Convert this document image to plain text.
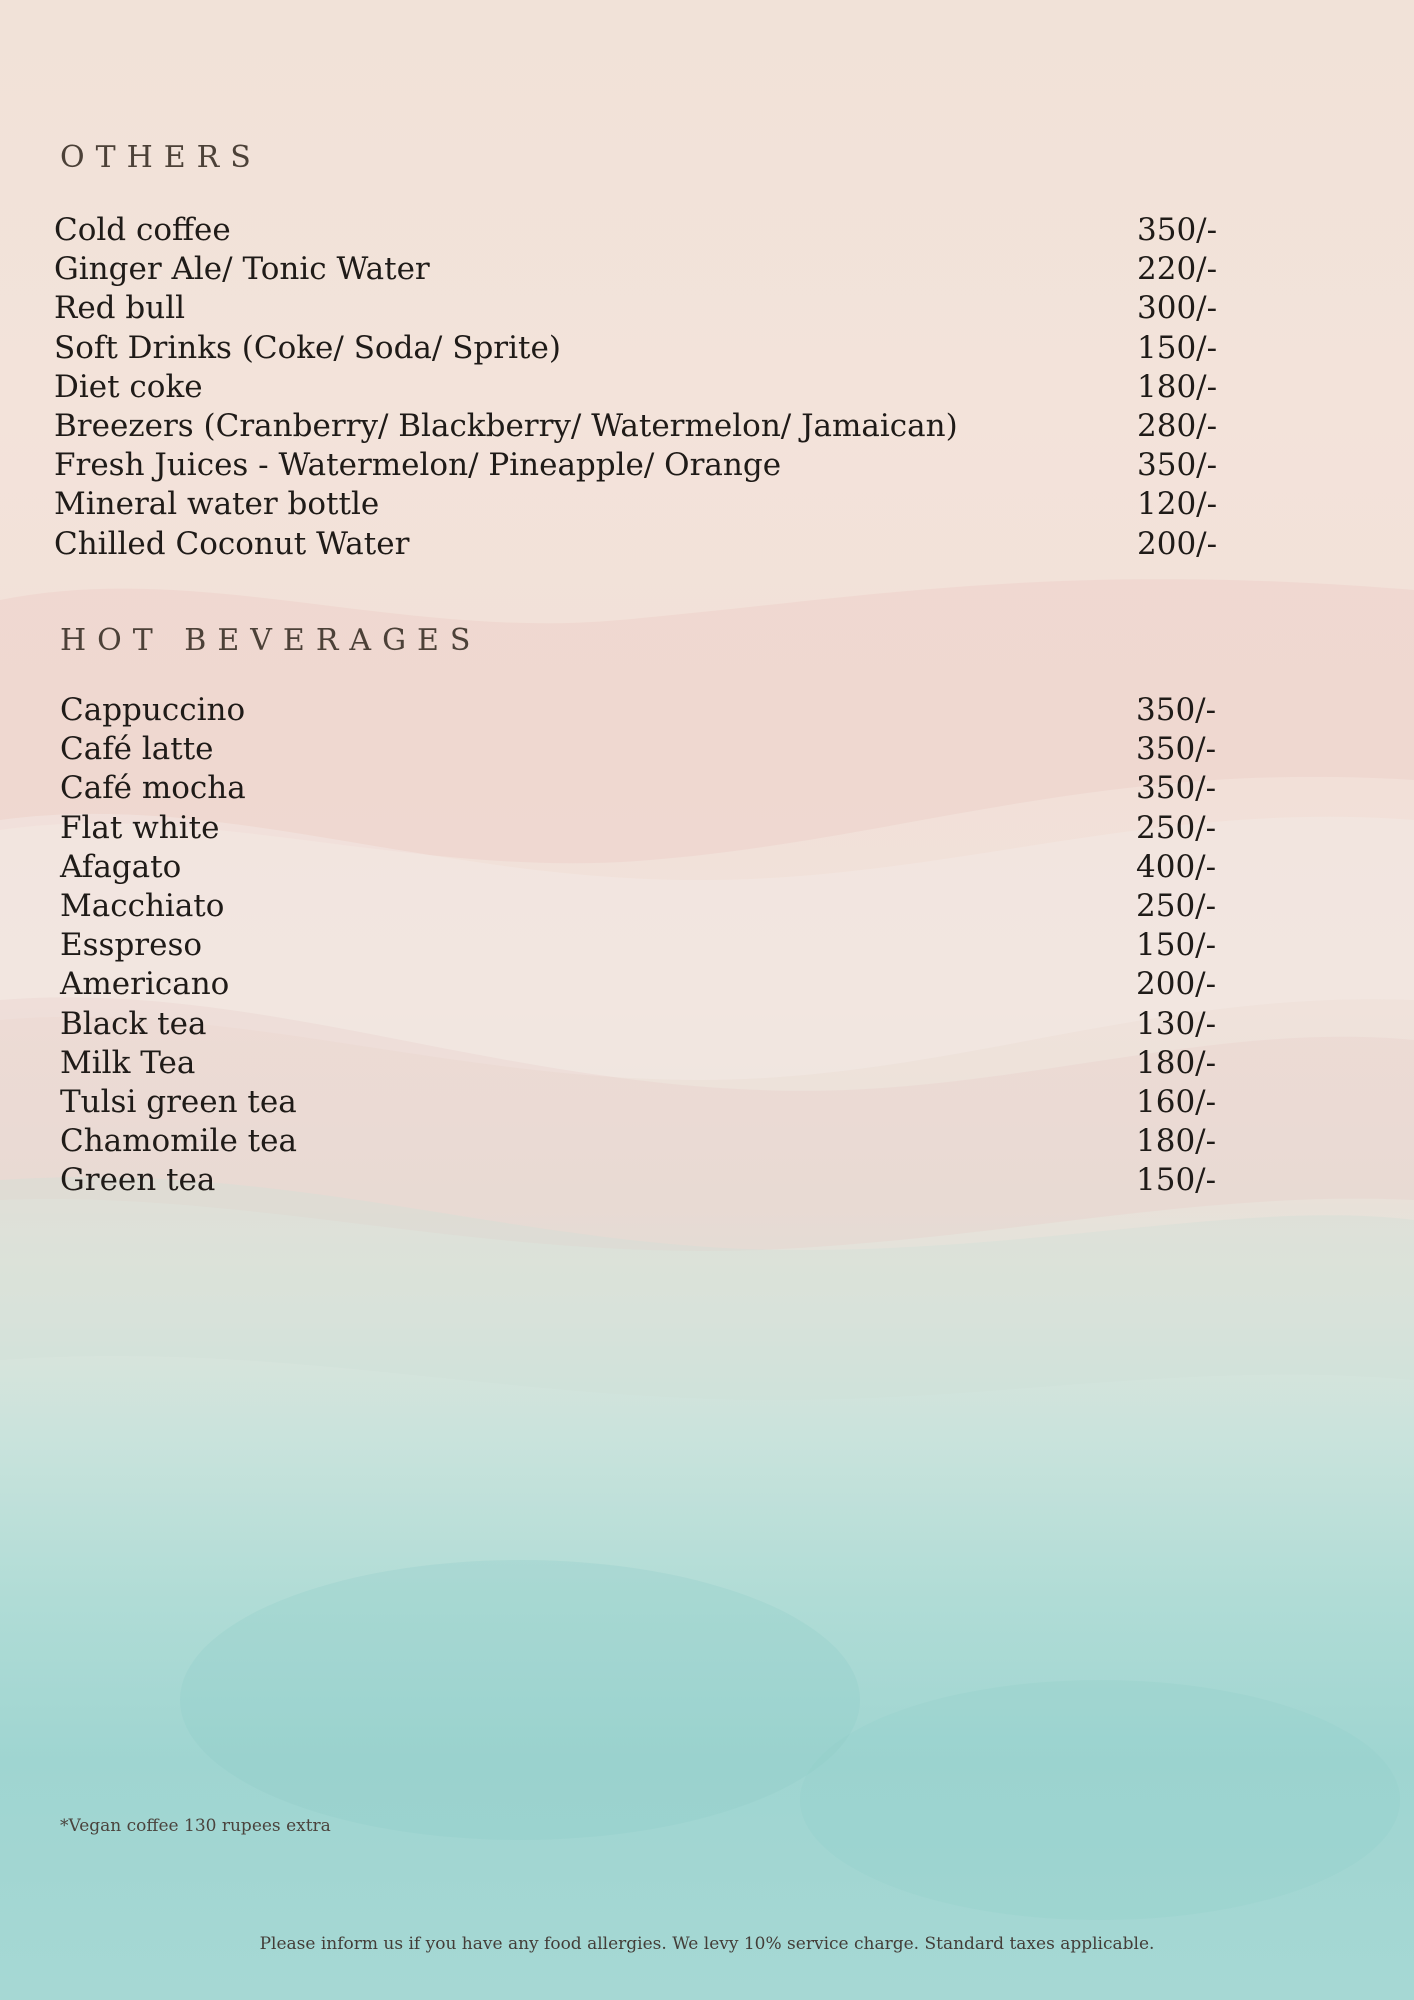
OTHERS
Cold coffee	350/-
Ginger Ale/ Tonic Water	220/-
Red bull	300/-
Soft Drinks (Coke/ Soda/ Sprite)	150/-
Diet coke	180/-
Breezers (Cranberry/ Blackberry/ Watermelon/ Jamaican)	280/-
Fresh Juices - Watermelon/ Pineapple/ Orange	350/-
Mineral water bottle	120/-
Chilled Coconut Water	200/-
HOT BEVERAGES
Cappuccino	350/-
Café latte	350/-
Café mocha	350/-
Flat white	250/-
Afagato	400/-
Macchiato	250/-
Esspreso	150/-
Americano	200/-
Black tea	130/-
Milk Tea	180/-
Tulsi green tea	160/-
Chamomile tea	180/-
Green tea	150/-
*Vegan coffee 130 rupees extra
Please inform us if you have any food allergies. We levy 10% service charge. Standard taxes applicable.
